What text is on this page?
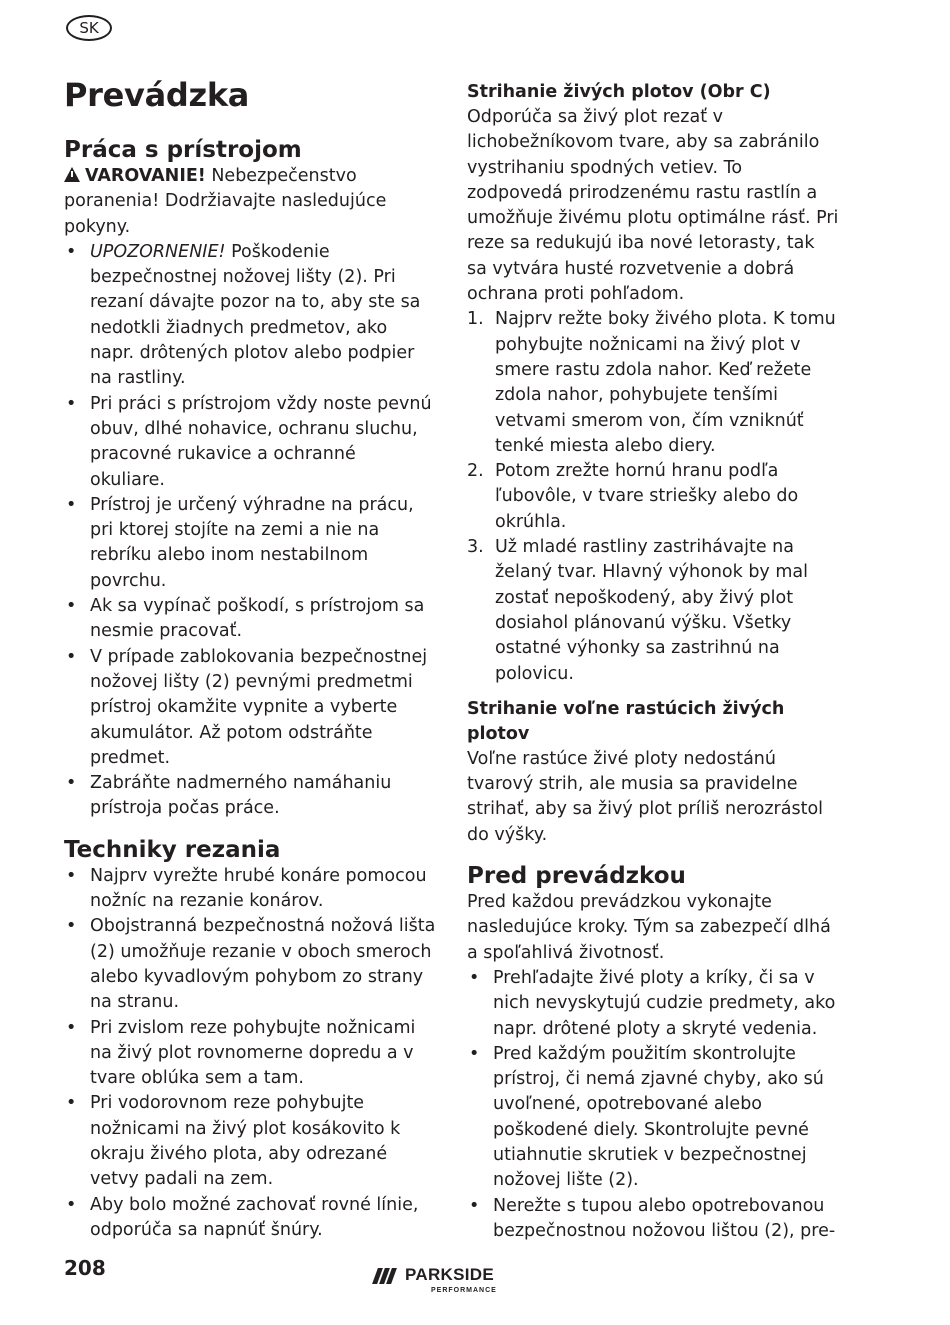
SK
Prevádzka
Práca s prístrojom
VAROVANIE! Nebezpečenstvo poranenia! Dodržiavajte nasledujúce pokyny.
• UPOZORNENIE! Poškodenie bezpečnostnej nožovej lišty (2). Pri rezaní dávajte pozor na to, aby ste sa nedotkli žiadnych predmetov, ako napr. drôtených plotov alebo podpier na rastliny.
• Pri práci s prístrojom vždy noste pevnú obuv, dlhé nohavice, ochranu sluchu, pracovné rukavice a ochranné okuliare.
• Prístroj je určený výhradne na prácu, pri ktorej stojíte na zemi a nie na rebríku alebo inom nestabilnom povrchu.
• Ak sa vypínač poškodí, s prístrojom sa nesmie pracovať.
• V prípade zablokovania bezpečnostnej nožovej lišty (2) pevnými predmetmi prístroj okamžite vypnite a vyberte akumulátor. Až potom odstráňte predmet.
• Zabráňte nadmerného namáhaniu prístroja počas práce.
Techniky rezania
• Najprv vyrežte hrubé konáre pomocou nožníc na rezanie konárov.
• Obojstranná bezpečnostná nožová lišta (2) umožňuje rezanie v oboch smeroch alebo kyvadlovým pohybom zo strany na stranu.
• Pri zvislom reze pohybujte nožnicami na živý plot rovnomerne dopredu a v tvare oblúka sem a tam.
• Pri vodorovnom reze pohybujte nožnicami na živý plot kosákovito k okraju živého plota, aby odrezané vetvy padali na zem.
• Aby bolo možné zachovať rovné línie, odporúča sa napnúť šnúry.
Strihanie živých plotov (Obr C)

Odporúča sa živý plot rezať v lichobežníkovom tvare, aby sa zabránilo vystrihaniu spodných vetiev. To zodpovedá prirodzenému rastu rastlín a umožňuje živému plotu optimálne rásť. Pri reze sa redukujú iba nové letorasty, tak sa vytvára husté rozvetvenie a dobrá ochrana proti pohľadom.

1. Najprv režte boky živého plota. K tomu pohybujte nožnicami na živý plot v smere rastu zdola nahor. Keď režete zdola nahor, pohybujete tenšími vetvami smerom von, čím vzniknúť tenké miesta alebo diery.
2. Potom zrežte hornú hranu podľa ľubovôle, v tvare striešky alebo do okrúhla.
3. Už mladé rastliny zastrihávajte na želaný tvar. Hlavný výhonok by mal zostať nepoškodený, aby živý plot dosiahol plánovanú výšku. Všetky ostatné výhonky sa zastrihnú na polovicu.
Strihanie voľne rastúcich živých plotov

Voľne rastúce živé ploty nedostánú tvarový strih, ale musia sa pravidelne strihať, aby sa živý plot príliš nerozrástol do výšky.

Pred prevádzkou

Pred každou prevádzkou vykonajte nasledujúce kroky. Tým sa zabezpečí dlhá a spoľahlivá životnosť.

• Prehľadajte živé ploty a kríky, či sa v nich nevyskytujú cudzie predmety, ako napr. drôtené ploty a skryté vedenia.
• Pred každým použitím skontrolujte prístroj, či nemá zjavné chyby, ako sú uvoľnené, opotrebované alebo poškodené diely. Skontrolujte pevné utiahnutie skrutiek v bezpečnostnej nožovej lište (2).
• Nerežte s tupou alebo opotrebovanou bezpečnostnou nožovou lištou (2), pre-
208	PARKSIDE
PERFORMANCE
